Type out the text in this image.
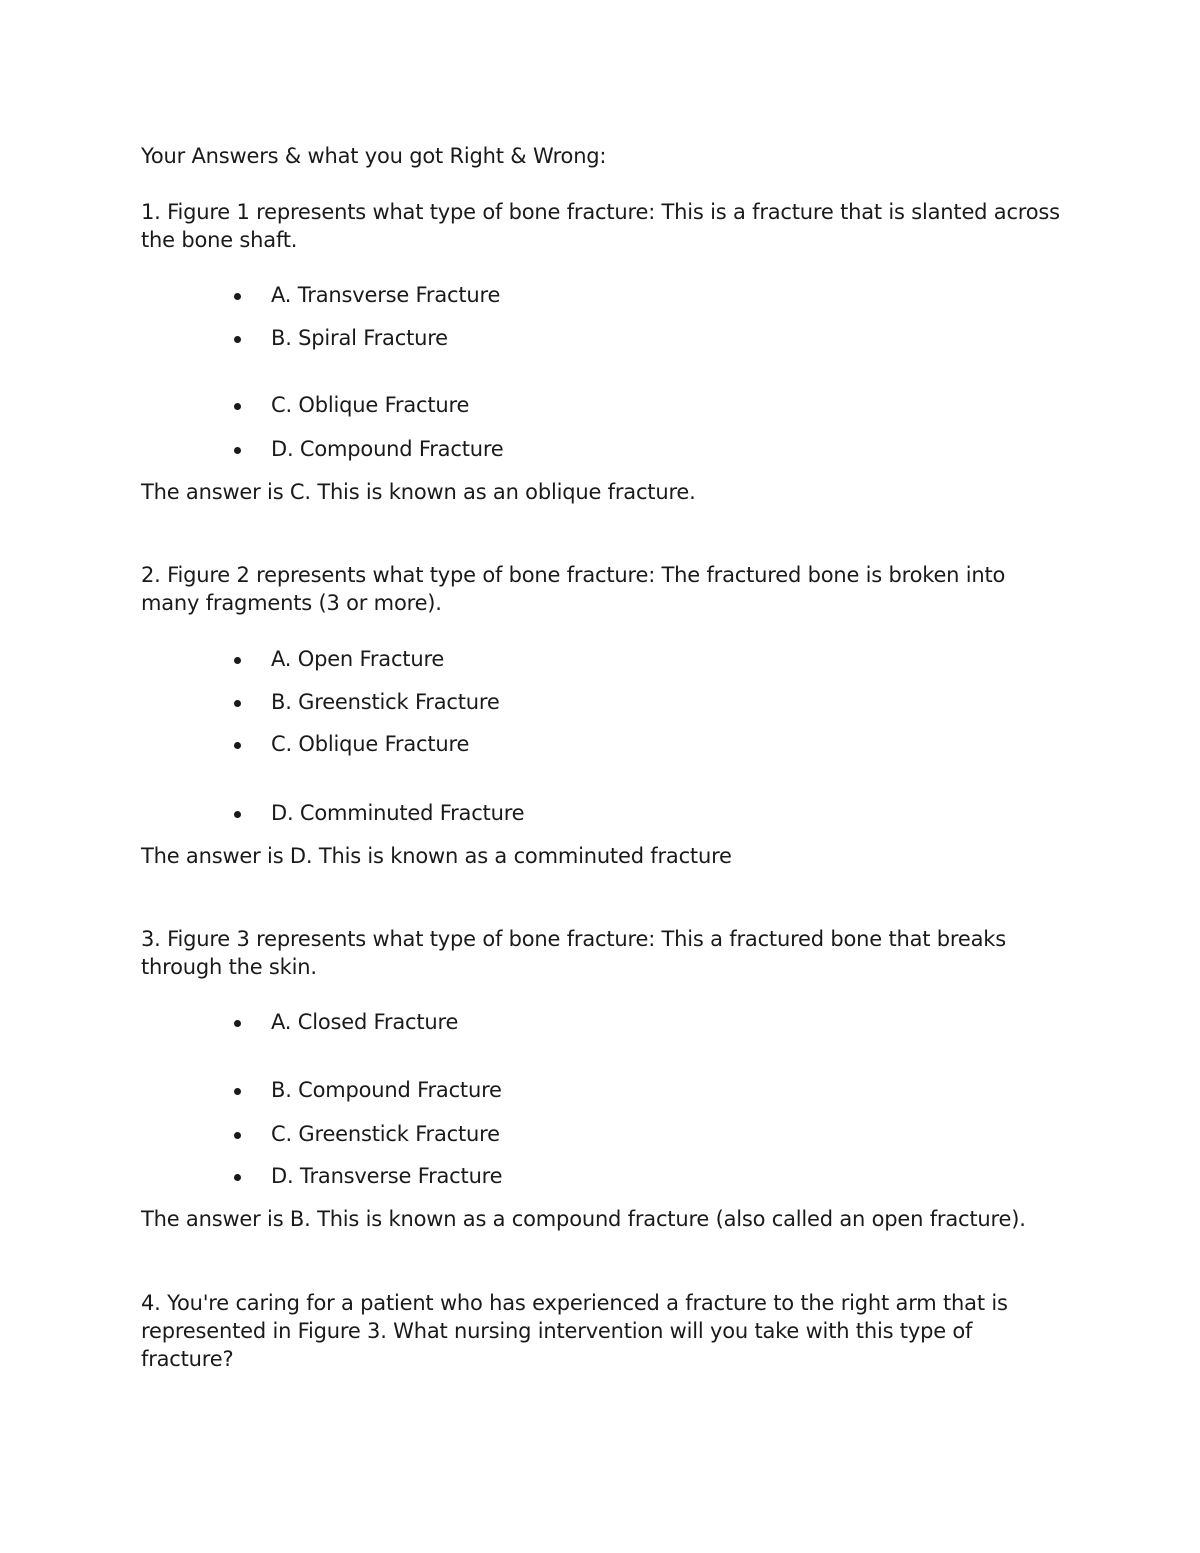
Your Answers & what you got Right & Wrong:
1. Figure 1 represents what type of bone fracture: This is a fracture that is slanted across
the bone shaft.
A. Transverse Fracture
B. Spiral Fracture
C. Oblique Fracture
D. Compound Fracture
The answer is C. This is known as an oblique fracture.
2. Figure 2 represents what type of bone fracture: The fractured bone is broken into
many fragments (3 or more).
A. Open Fracture
B. Greenstick Fracture
C. Oblique Fracture
D. Comminuted Fracture
The answer is D. This is known as a comminuted fracture
3. Figure 3 represents what type of bone fracture: This a fractured bone that breaks
through the skin.
A. Closed Fracture
B. Compound Fracture
C. Greenstick Fracture
D. Transverse Fracture
The answer is B. This is known as a compound fracture (also called an open fracture).
4. You're caring for a patient who has experienced a fracture to the right arm that is
represented in Figure 3. What nursing intervention will you take with this type of
fracture?
